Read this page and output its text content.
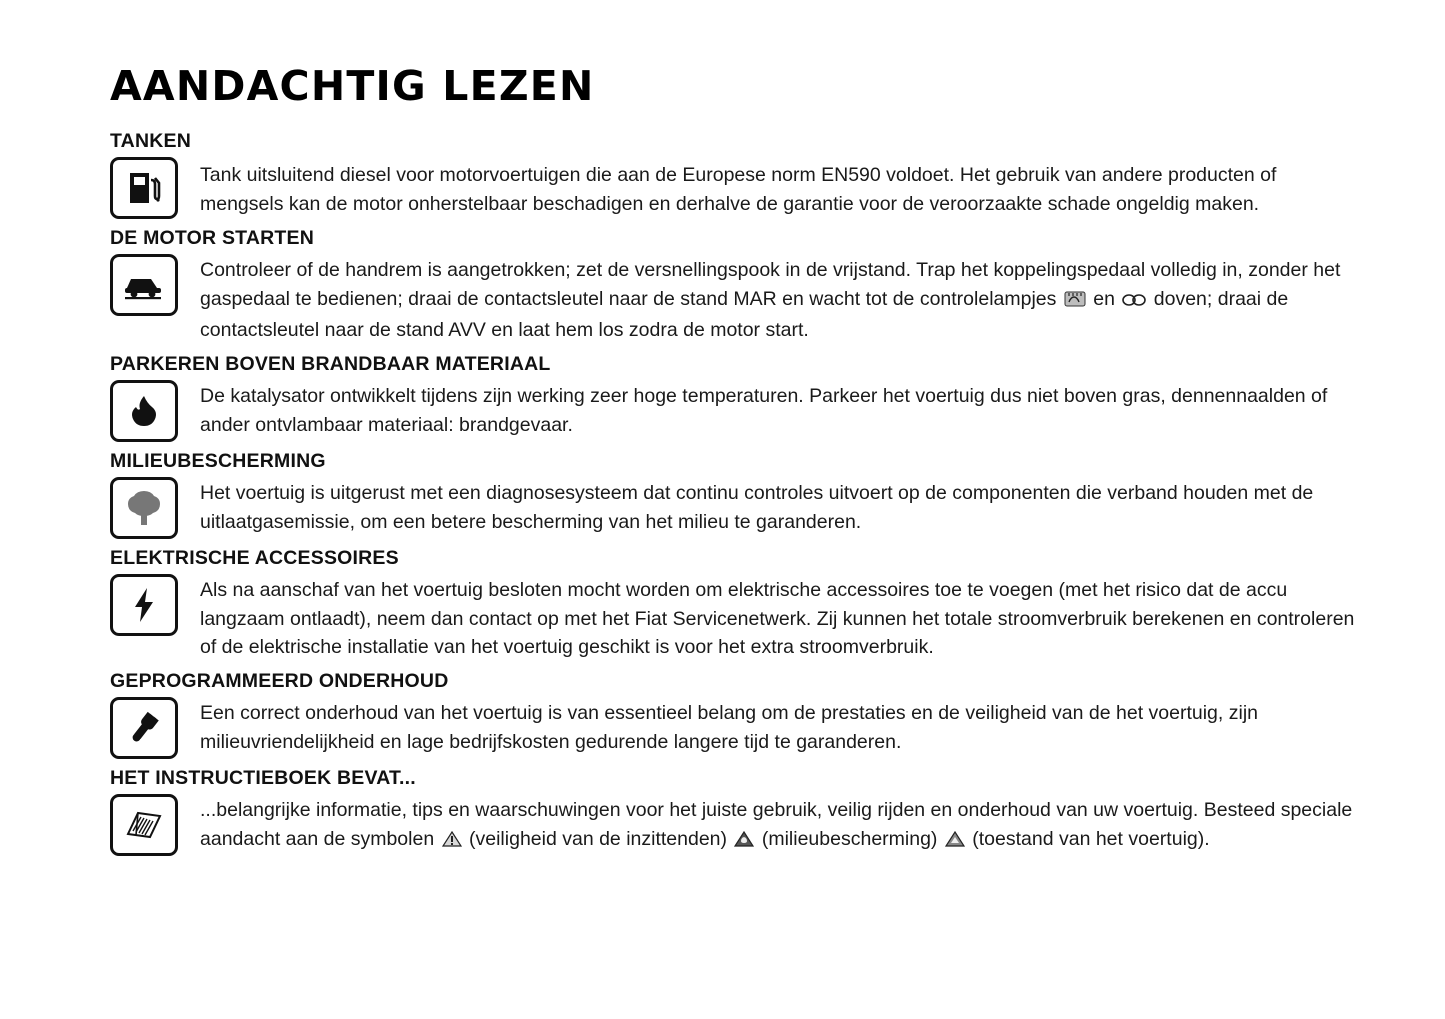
AANDACHTIG LEZEN
TANKEN
Tank uitsluitend diesel voor motorvoertuigen die aan de Europese norm EN590 voldoet. Het gebruik van andere producten of mengsels kan de motor onherstelbaar beschadigen en derhalve de garantie voor de veroorzaakte schade ongeldig maken.
DE MOTOR STARTEN
Controleer of de handrem is aangetrokken; zet de versnellingspook in de vrijstand. Trap het koppelingspedaal volledig in, zonder het gaspedaal te bedienen; draai de contactsleutel naar de stand MAR en wacht tot de controlelampjes  en  doven; draai de contactsleutel naar de stand AVV en laat hem los zodra de motor start.
PARKEREN BOVEN BRANDBAAR MATERIAAL
De katalysator ontwikkelt tijdens zijn werking zeer hoge temperaturen. Parkeer het voertuig dus niet boven gras, dennennaalden of ander ontvlambaar materiaal: brandgevaar.
MILIEUBESCHERMING
Het voertuig is uitgerust met een diagnosesysteem dat continu controles uitvoert op de componenten die verband houden met de uitlaatgasemissie, om een betere bescherming van het milieu te garanderen.
ELEKTRISCHE ACCESSOIRES
Als na aanschaf van het voertuig besloten mocht worden om elektrische accessoires toe te voegen (met het risico dat de accu langzaam ontlaadt), neem dan contact op met het Fiat Servicenetwerk. Zij kunnen het totale stroomverbruik berekenen en controleren of de elektrische installatie van het voertuig geschikt is voor het extra stroomverbruik.
GEPROGRAMMEERD ONDERHOUD
Een correct onderhoud van het voertuig is van essentieel belang om de prestaties en de veiligheid van de het voertuig, zijn milieuvriendelijkheid en lage bedrijfskosten gedurende langere tijd te garanderen.
HET INSTRUCTIEBOEK BEVAT...
...belangrijke informatie, tips en waarschuwingen voor het juiste gebruik, veilig rijden en onderhoud van uw voertuig. Besteed speciale aandacht aan de symbolen  (veiligheid van de inzittenden)  (milieubescherming)  (toestand van het voertuig).
